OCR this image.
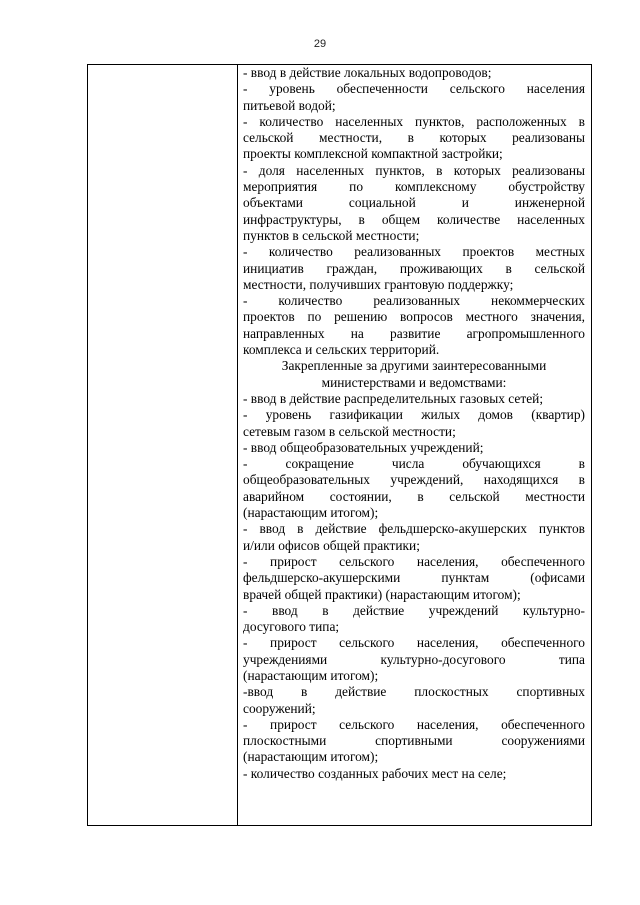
29
- ввод в действие локальных водопроводов;
- уровень обеспеченности сельского населения
питьевой водой;
- количество населенных пунктов, расположенных в
сельской местности, в которых реализованы
проекты комплексной компактной застройки;
- доля населенных пунктов, в которых реализованы
мероприятия по комплексному обустройству
объектами социальной и инженерной
инфраструктуры, в общем количестве населенных
пунктов в сельской местности;
- количество реализованных проектов местных
инициатив граждан, проживающих в сельской
местности, получивших грантовую поддержку;
- количество реализованных некоммерческих
проектов по решению вопросов местного значения,
направленных на развитие агропромышленного
комплекса и сельских территорий.
Закрепленные за другими заинтересованными
министерствами и ведомствами:
- ввод в действие распределительных газовых сетей;
- уровень газификации жилых домов (квартир)
сетевым газом в сельской местности;
- ввод общеобразовательных учреждений;
- сокращение числа обучающихся в
общеобразовательных учреждений, находящихся в
аварийном состоянии, в сельской местности
(нарастающим итогом);
- ввод в действие фельдшерско-акушерских пунктов
и/или офисов общей практики;
- прирост сельского населения, обеспеченного
фельдшерско-акушерскими пунктам (офисами
врачей общей практики) (нарастающим итогом);
- ввод в действие учреждений культурно-
досугового типа;
- прирост сельского населения, обеспеченного
учреждениями культурно-досугового типа
(нарастающим итогом);
-ввод в действие плоскостных спортивных
сооружений;
- прирост сельского населения, обеспеченного
плоскостными спортивными сооружениями
(нарастающим итогом);
- количество созданных рабочих мест на селе;
